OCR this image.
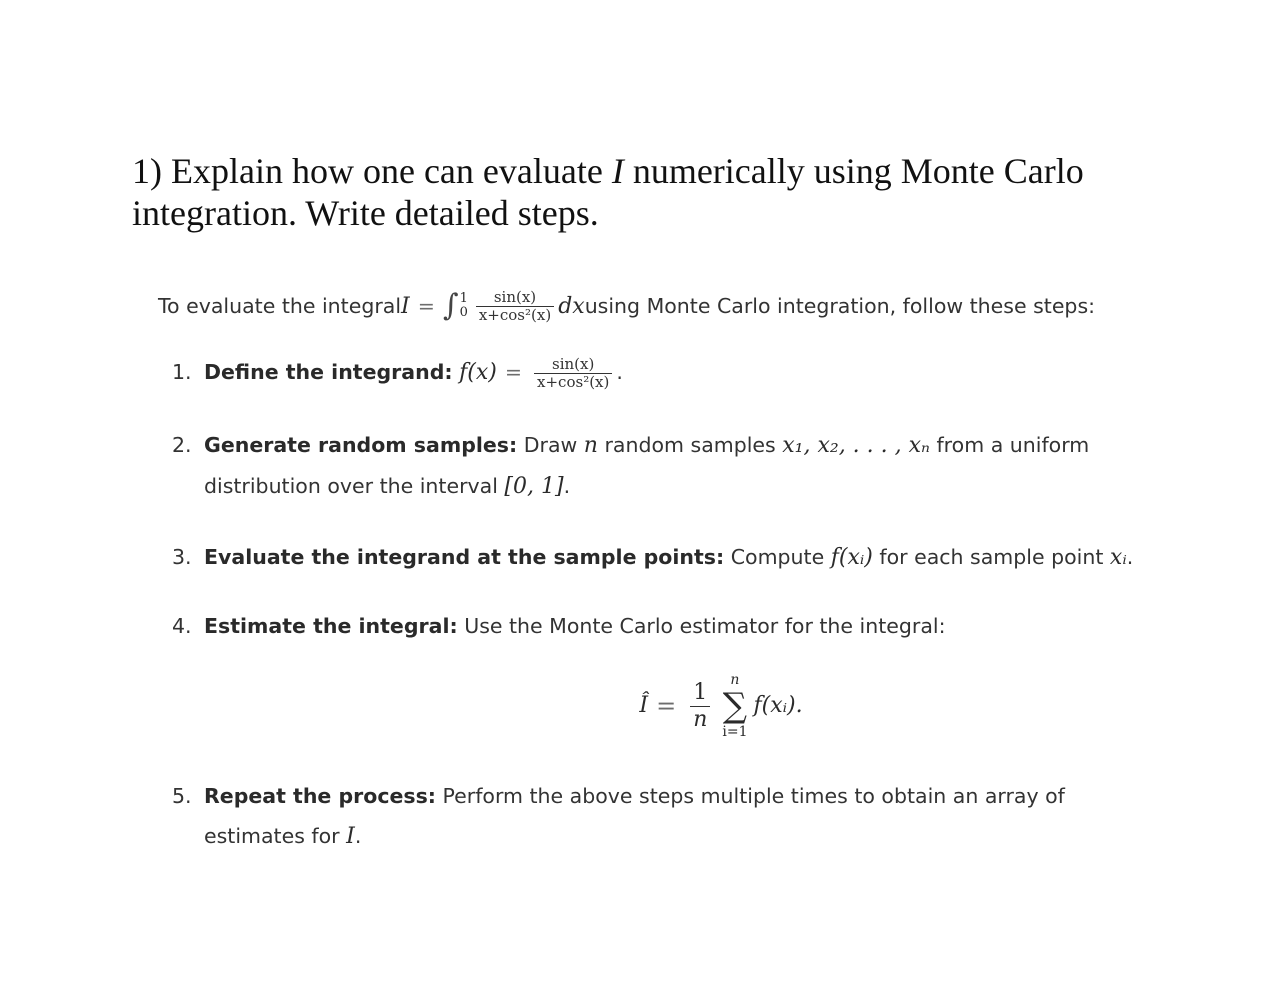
1) Explain how one can evaluate I numerically using Monte Carlo integration. Write detailed steps.
To evaluate the integral I = ∫ 1
$0 \frac{\sin(x)}{\text{x+cos²(x)}}$ dx using Monte Carlo integration, follow these steps:
1. Define the integrand: $f(x) = \frac{\sin(x)}{\text{x+cos²(x)}}$ .
2. Generate random samples: Draw n random samples x₁, x₂, . . . , xₙ from a uniform distribution over the interval [0, 1].
3. Evaluate the integrand at the sample points: Compute f(xᵢ) for each sample point xᵢ.
4. Estimate the integral: Use the Monte Carlo estimator for the integral:
Î = $\frac{1}{n}$ n
∑
i=1
f(xᵢ).
5. Repeat the process: Perform the above steps multiple times to obtain an array of estimates for I.
